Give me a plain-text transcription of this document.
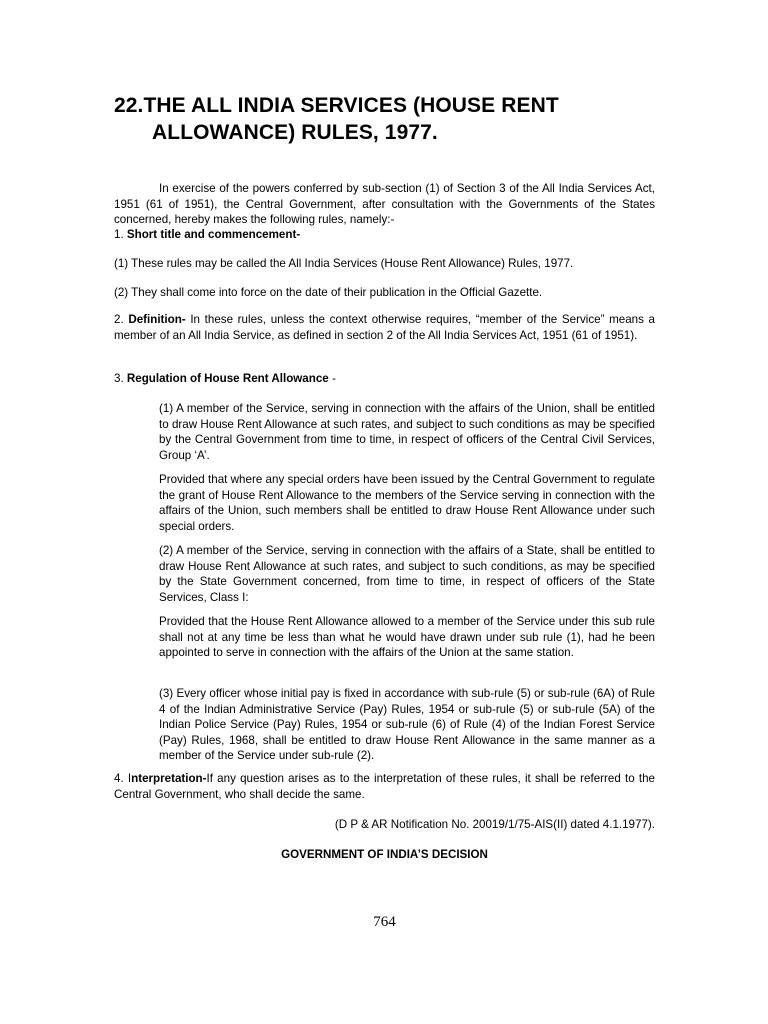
22.THE ALL INDIA SERVICES (HOUSE RENT
ALLOWANCE) RULES, 1977.

In exercise of the powers conferred by sub-section (1) of Section 3 of the All India Services Act, 1951 (61 of 1951), the Central Government, after consultation with the Governments of the States concerned, hereby makes the following rules, namely:-

1. Short title and commencement-

(1) These rules may be called the All India Services (House Rent Allowance) Rules, 1977.

(2) They shall come into force on the date of their publication in the Official Gazette.

2. Definition- In these rules, unless the context otherwise requires, “member of the Service” means a member of an All India Service, as defined in section 2 of the All India Services Act, 1951 (61 of 1951).

3. Regulation of House Rent Allowance -

(1) A member of the Service, serving in connection with the affairs of the Union, shall be entitled to draw House Rent Allowance at such rates, and subject to such conditions as may be specified by the Central Government from time to time, in respect of officers of the Central Civil Services, Group ‘A’.

Provided that where any special orders have been issued by the Central Government to regulate the grant of House Rent Allowance to the members of the Service serving in connection with the affairs of the Union, such members shall be entitled to draw House Rent Allowance under such special orders.

(2) A member of the Service, serving in connection with the affairs of a State, shall be entitled to draw House Rent Allowance at such rates, and subject to such conditions, as may be specified by the State Government concerned, from time to time, in respect of officers of the State Services, Class I:

Provided that the House Rent Allowance allowed to a member of the Service under this sub rule shall not at any time be less than what he would have drawn under sub rule (1), had he been appointed to serve in connection with the affairs of the Union at the same station.

(3) Every officer whose initial pay is fixed in accordance with sub-rule (5) or sub-rule (6A) of Rule 4 of the Indian Administrative Service (Pay) Rules, 1954 or sub-rule (5) or sub-rule (5A) of the Indian Police Service (Pay) Rules, 1954 or sub-rule (6) of Rule (4) of the Indian Forest Service (Pay) Rules, 1968, shall be entitled to draw House Rent Allowance in the same manner as a member of the Service under sub-rule (2).

4. Interpretation-If any question arises as to the interpretation of these rules, it shall be referred to the Central Government, who shall decide the same.

(D P & AR Notification No. 20019/1/75-AIS(II) dated 4.1.1977).

GOVERNMENT OF INDIA’S DECISION

764
